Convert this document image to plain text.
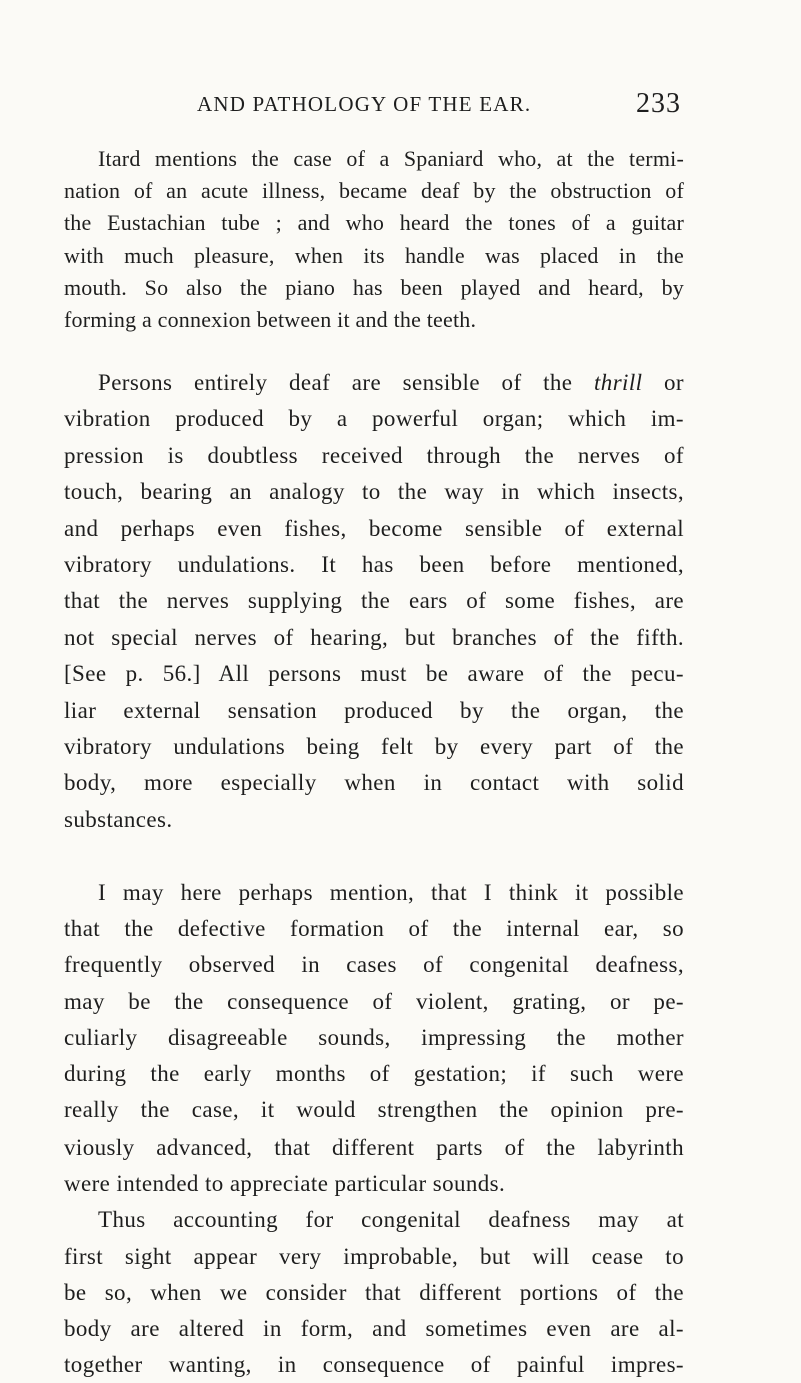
AND PATHOLOGY OF THE EAR.	233
Itard mentions the case of a Spaniard who, at the termi-
nation of an acute illness, became deaf by the obstruction of
the Eustachian tube ; and who heard the tones of a guitar
with much pleasure, when its handle was placed in the
mouth. So also the piano has been played and heard, by
forming a connexion between it and the teeth.
Persons entirely deaf are sensible of the thrill or
vibration produced by a powerful organ; which im-
pression is doubtless received through the nerves of
touch, bearing an analogy to the way in which insects,
and perhaps even fishes, become sensible of external
vibratory undulations. It has been before mentioned,
that the nerves supplying the ears of some fishes, are
not special nerves of hearing, but branches of the fifth.
[See p. 56.] All persons must be aware of the pecu-
liar external sensation produced by the organ, the
vibratory undulations being felt by every part of the
body, more especially when in contact with solid
substances.
I may here perhaps mention, that I think it possible
that the defective formation of the internal ear, so
frequently observed in cases of congenital deafness,
may be the consequence of violent, grating, or pe-
culiarly disagreeable sounds, impressing the mother
during the early months of gestation; if such were
really the case, it would strengthen the opinion pre-
viously advanced, that different parts of the labyrinth
were intended to appreciate particular sounds.
Thus accounting for congenital deafness may at
first sight appear very improbable, but will cease to
be so, when we consider that different portions of the
body are altered in form, and sometimes even are al-
together wanting, in consequence of painful impres-
